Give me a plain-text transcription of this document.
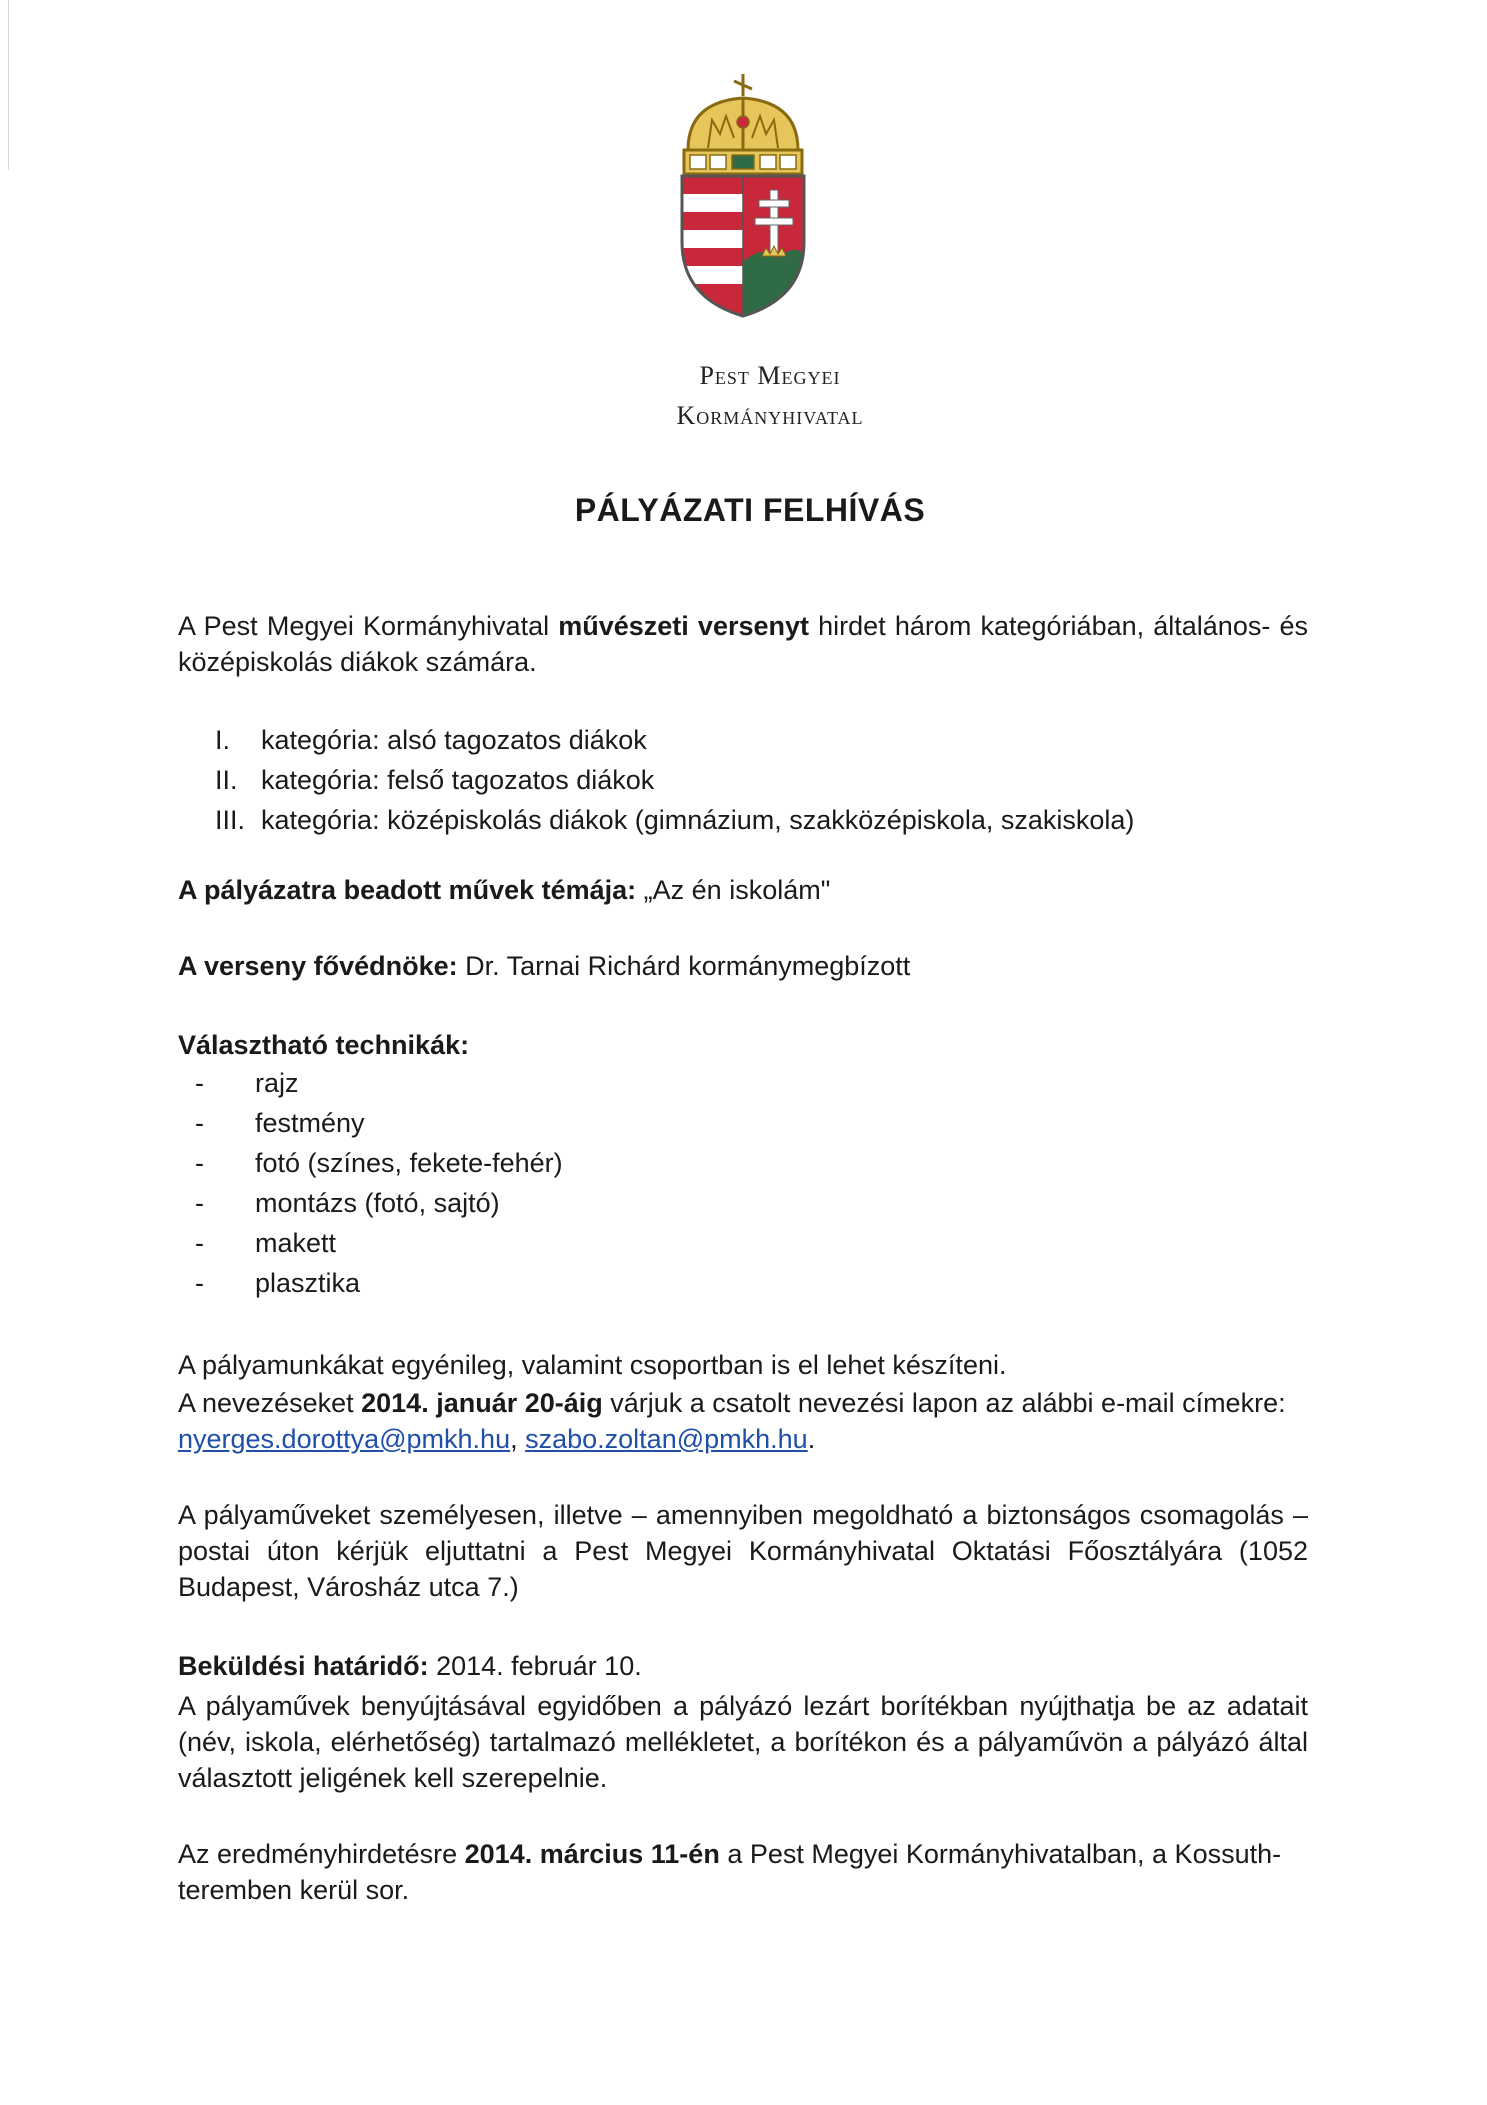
Pest Megyei
Kormányhivatal
PÁLYÁZATI FELHÍVÁS

A Pest Megyei Kormányhivatal művészeti versenyt hirdet három kategóriában, általános- és középiskolás diákok számára.

I.	kategória: alsó tagozatos diákok
II. kategória: felső tagozatos diákok
III. kategória: középiskolás diákok (gimnázium, szakközépiskola, szakiskola)

A pályázatra beadott művek témája: „Az én iskolám"

A verseny fővédnöke: Dr. Tarnai Richárd kormánymegbízott

Választható technikák:

-	rajz
-	festmény
-	fotó (színes, fekete-fehér)
-	montázs (fotó, sajtó)
-	makett
-	plasztika

A pályamunkákat egyénileg, valamint csoportban is el lehet készíteni.

A nevezéseket 2014. január 20-áig várjuk a csatolt nevezési lapon az alábbi e-mail címekre:
nyerges.dorottya@pmkh.hu, szabo.zoltan@pmkh.hu.

A pályaműveket személyesen, illetve – amennyiben megoldható a biztonságos csomagolás – postai úton kérjük eljuttatni a Pest Megyei Kormányhivatal Oktatási Főosztályára (1052 Budapest, Városház utca 7.)

Beküldési határidő: 2014. február 10.

A pályaművek benyújtásával egyidőben a pályázó lezárt borítékban nyújthatja be az adatait (név, iskola, elérhetőség) tartalmazó mellékletet, a borítékon és a pályaművön a pályázó által választott jeligének kell szerepelnie.

Az eredményhirdetésre 2014. március 11-én a Pest Megyei Kormányhivatalban, a Kossuth-teremben kerül sor.
